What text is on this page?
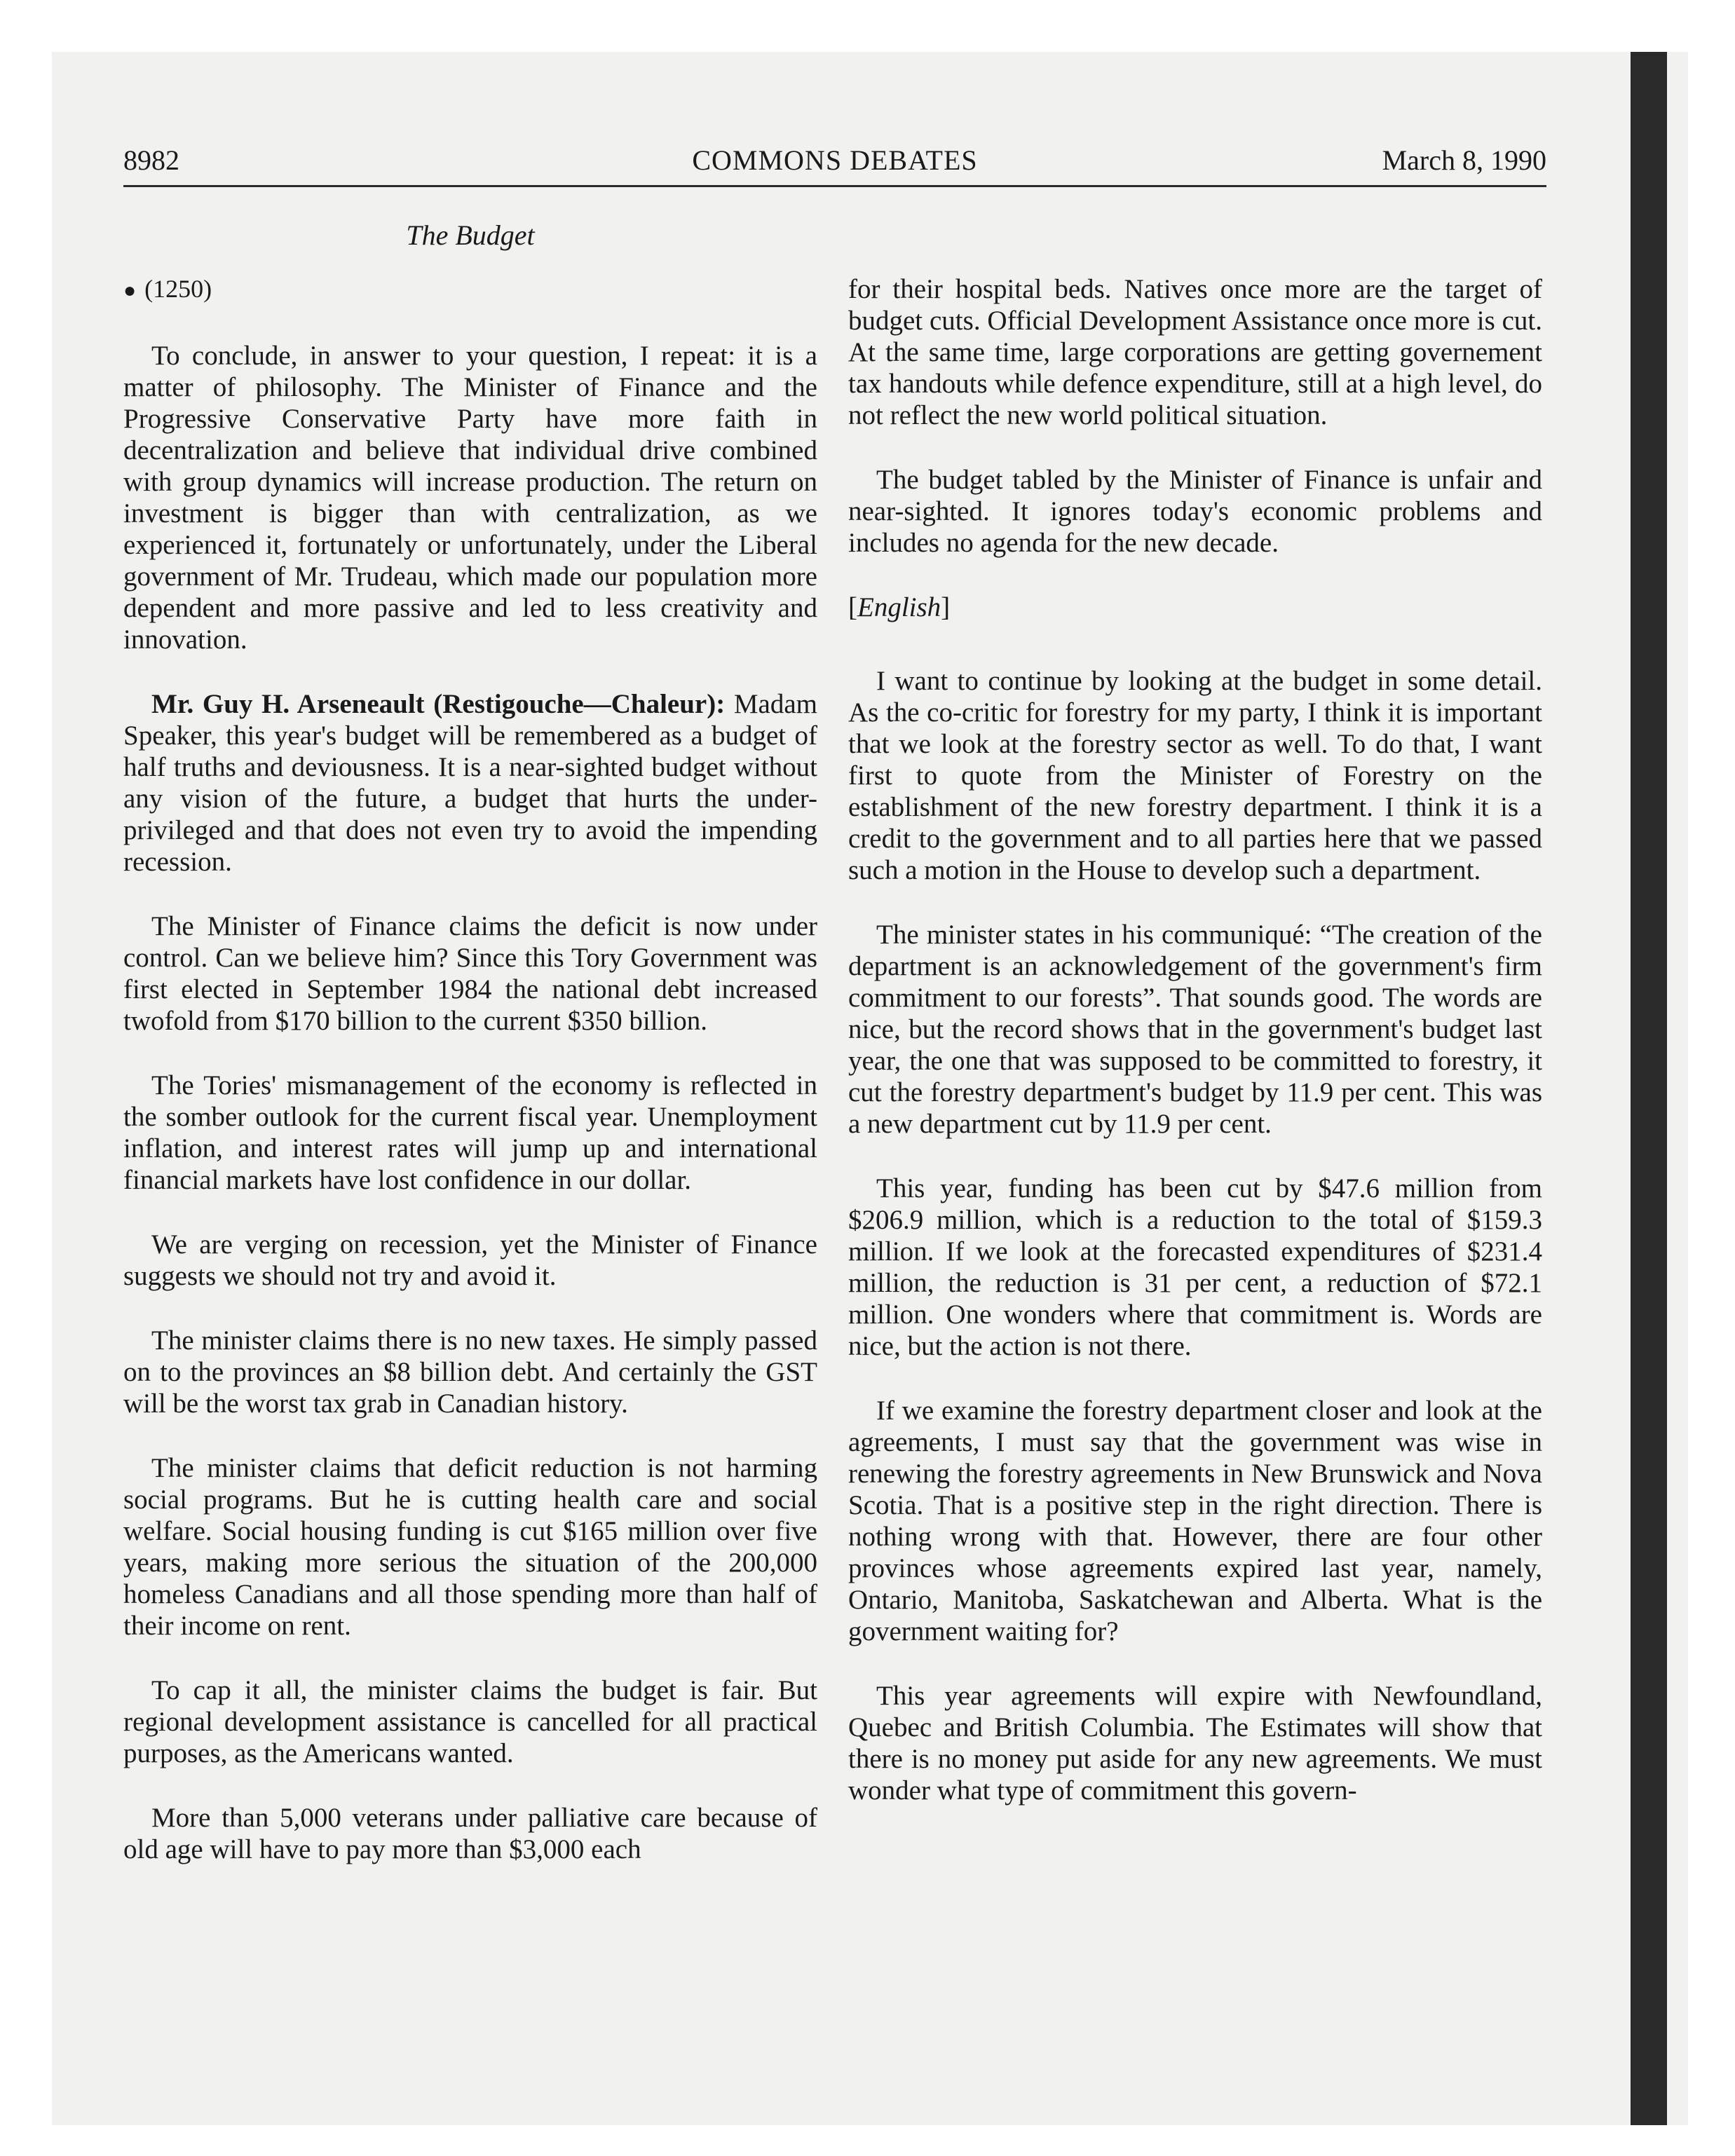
8982	COMMONS DEBATES	March 8, 1990
The Budget
● (1250)

To conclude, in answer to your question, I repeat: it is a matter of philosophy. The Minister of Finance and the Progressive Conservative Party have more faith in decentralization and believe that individual drive combined with group dynamics will increase production. The return on investment is bigger than with centralization, as we experienced it, fortunately or unfortunately, under the Liberal government of Mr. Trudeau, which made our population more dependent and more passive and led to less creativity and innovation.

Mr. Guy H. Arseneault (Restigouche—Chaleur): Madam Speaker, this year's budget will be remembered as a budget of half truths and deviousness. It is a near-sighted budget without any vision of the future, a budget that hurts the under-privileged and that does not even try to avoid the impending recession.

The Minister of Finance claims the deficit is now under control. Can we believe him? Since this Tory Government was first elected in September 1984 the national debt increased twofold from $170 billion to the current $350 billion.

The Tories' mismanagement of the economy is reflected in the somber outlook for the current fiscal year. Unemployment inflation, and interest rates will jump up and international financial markets have lost confidence in our dollar.

We are verging on recession, yet the Minister of Finance suggests we should not try and avoid it.

The minister claims there is no new taxes. He simply passed on to the provinces an $8 billion debt. And certainly the GST will be the worst tax grab in Canadian history.

The minister claims that deficit reduction is not harming social programs. But he is cutting health care and social welfare. Social housing funding is cut $165 million over five years, making more serious the situation of the 200,000 homeless Canadians and all those spending more than half of their income on rent.

To cap it all, the minister claims the budget is fair. But regional development assistance is cancelled for all practical purposes, as the Americans wanted.

More than 5,000 veterans under palliative care because of old age will have to pay more than $3,000 each

for their hospital beds. Natives once more are the target of budget cuts. Official Development Assistance once more is cut. At the same time, large corporations are getting governement tax handouts while defence expenditure, still at a high level, do not reflect the new world political situation.

The budget tabled by the Minister of Finance is unfair and near-sighted. It ignores today's economic problems and includes no agenda for the new decade.

[English]

I want to continue by looking at the budget in some detail. As the co-critic for forestry for my party, I think it is important that we look at the forestry sector as well. To do that, I want first to quote from the Minister of Forestry on the establishment of the new forestry department. I think it is a credit to the government and to all parties here that we passed such a motion in the House to develop such a department.

The minister states in his communiqué: “The creation of the department is an acknowledgement of the government's firm commitment to our forests”. That sounds good. The words are nice, but the record shows that in the government's budget last year, the one that was supposed to be committed to forestry, it cut the forestry department's budget by 11.9 per cent. This was a new department cut by 11.9 per cent.

This year, funding has been cut by $47.6 million from $206.9 million, which is a reduction to the total of $159.3 million. If we look at the forecasted expenditures of $231.4 million, the reduction is 31 per cent, a reduction of $72.1 million. One wonders where that commitment is. Words are nice, but the action is not there.

If we examine the forestry department closer and look at the agreements, I must say that the government was wise in renewing the forestry agreements in New Brunswick and Nova Scotia. That is a positive step in the right direction. There is nothing wrong with that. However, there are four other provinces whose agreements expired last year, namely, Ontario, Manitoba, Saskatchewan and Alberta. What is the government waiting for?

This year agreements will expire with Newfoundland, Quebec and British Columbia. The Estimates will show that there is no money put aside for any new agreements. We must wonder what type of commitment this govern-
